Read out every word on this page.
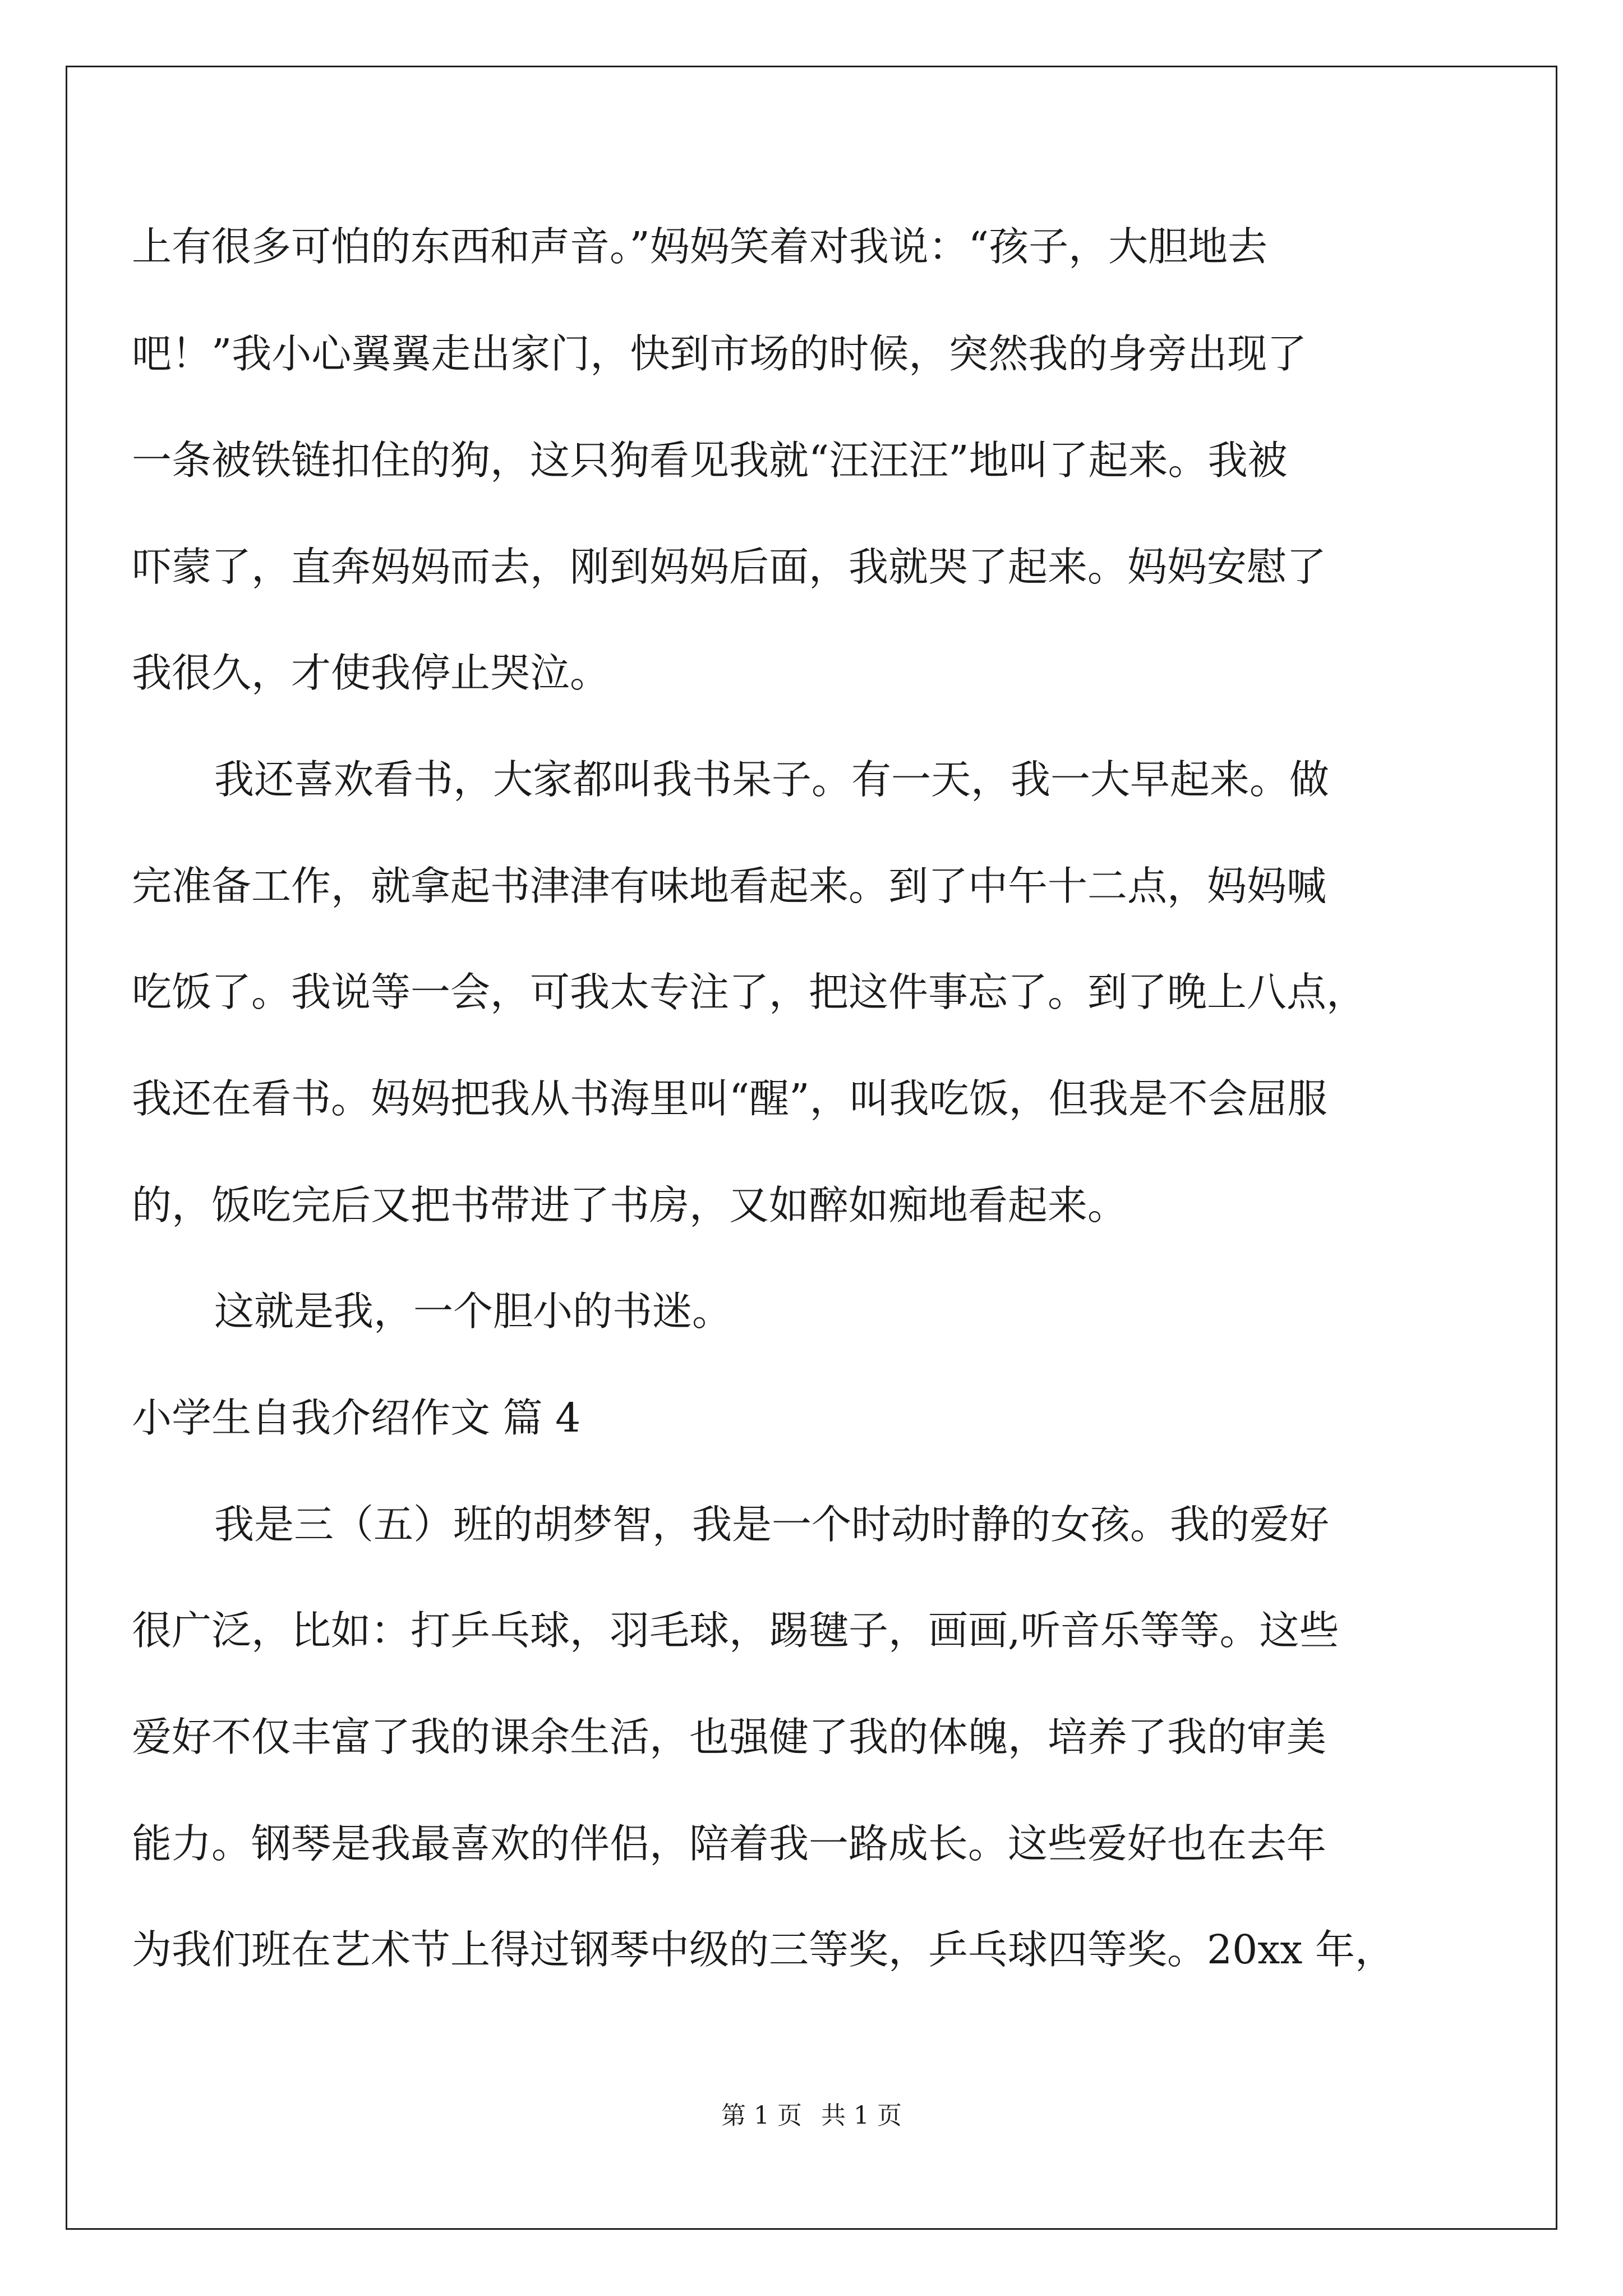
上有很多可怕的东西和声音。”妈妈笑着对我说：“孩子，大胆地去
吧！”我小心翼翼走出家门，快到市场的时候，突然我的身旁出现了
一条被铁链扣住的狗，这只狗看见我就“汪汪汪”地叫了起来。我被
吓蒙了，直奔妈妈而去，刚到妈妈后面，我就哭了起来。妈妈安慰了
我很久，才使我停止哭泣。
我还喜欢看书，大家都叫我书呆子。有一天，我一大早起来。做
完准备工作，就拿起书津津有味地看起来。到了中午十二点，妈妈喊
吃饭了。我说等一会，可我太专注了，把这件事忘了。到了晚上八点，
我还在看书。妈妈把我从书海里叫“醒”，叫我吃饭，但我是不会屈服
的，饭吃完后又把书带进了书房，又如醉如痴地看起来。
这就是我，一个胆小的书迷。
小学生自我介绍作文 篇 4
我是三（五）班的胡梦智，我是一个时动时静的女孩。我的爱好
很广泛，比如：打乒乓球，羽毛球，踢毽子，画画,听音乐等等。这些
爱好不仅丰富了我的课余生活，也强健了我的体魄，培养了我的审美
能力。钢琴是我最喜欢的伴侣，陪着我一路成长。这些爱好也在去年
为我们班在艺术节上得过钢琴中级的三等奖，乒乓球四等奖。20xx 年，
第 1 页 共 1 页
